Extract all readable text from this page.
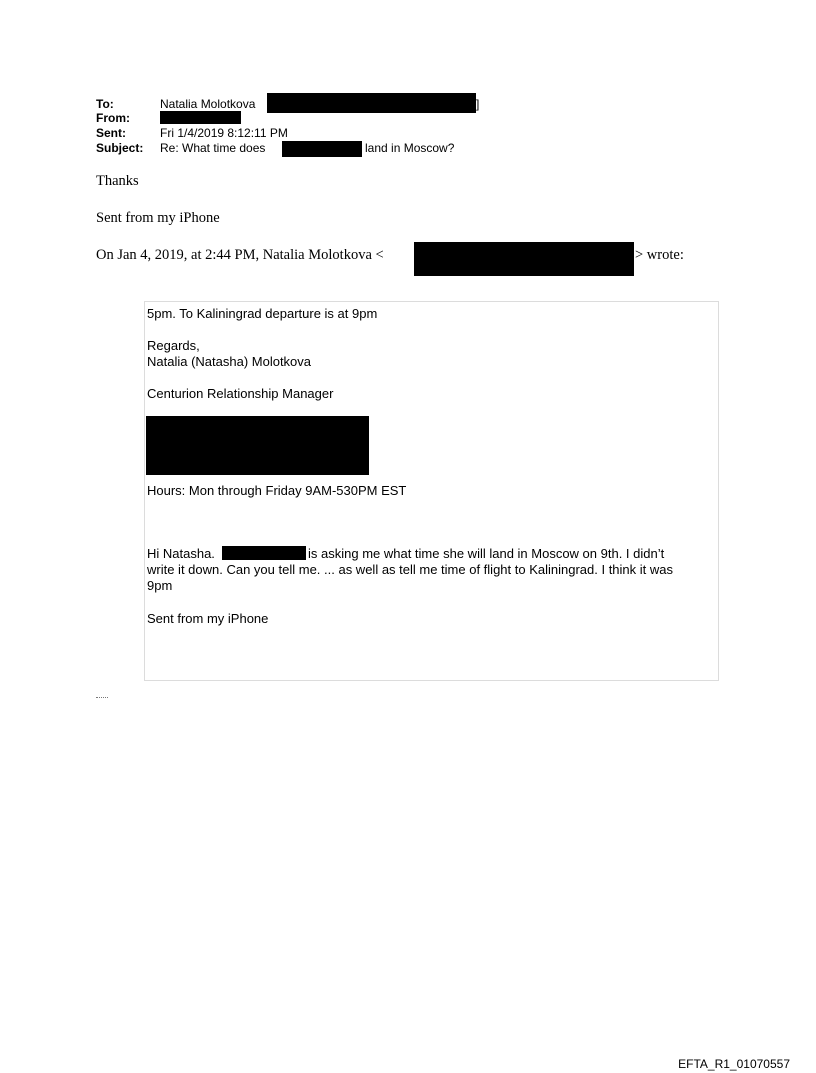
To:	Natalia Molotkova	]
From:
Sent:	Fri 1/4/2019 8:12:11 PM
Subject: Re: What time does	land in Moscow?
Thanks
Sent from my iPhone
On Jan 4, 2019, at 2:44 PM, Natalia Molotkova <	> wrote:
5pm. To Kaliningrad departure is at 9pm
Regards,
Natalia (Natasha) Molotkova
Centurion Relationship Manager
Hours: Mon through Friday 9AM-530PM EST
Hi Natasha.	is asking me what time she will land in Moscow on 9th. I didn’t
write it down. Can you tell me. ... as well as tell me time of flight to Kaliningrad. I think it was
9pm
Sent from my iPhone
EFTA_R1_01070557
